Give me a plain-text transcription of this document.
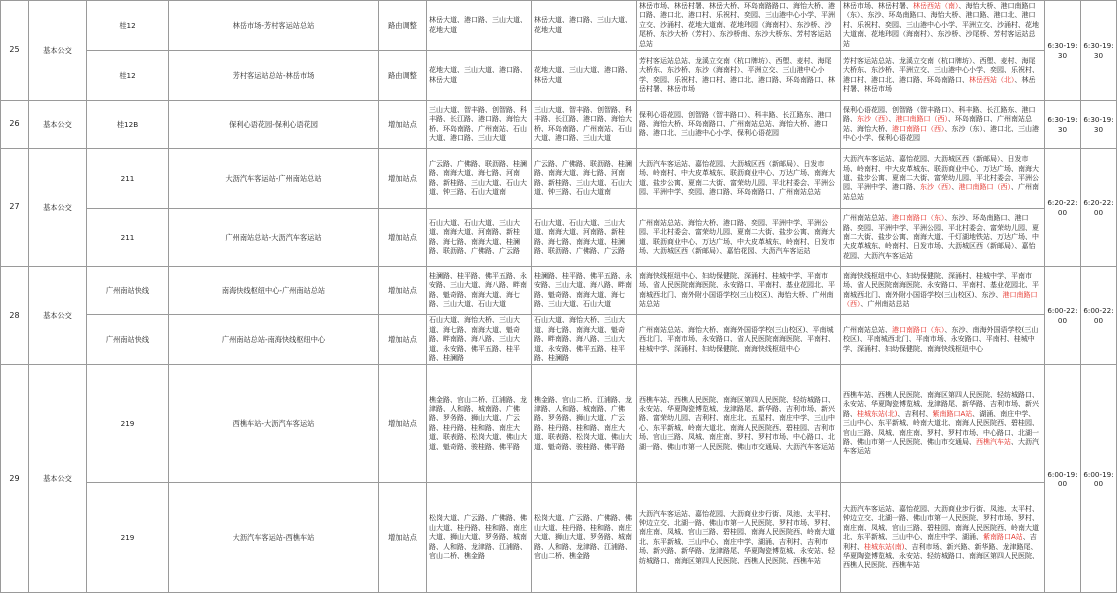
25	基本公交	桂12	林岳市场-芳村客运站总站	路由调整	林岳大道、港口路、三山大道、花地大道	林岳大道、港口路、三山大道、花地大道	林岳市场、林岳村署、林岳大桥、环岛南路路口、海怡大桥、港口路、港口北、港口村、乐祝村、奕园、三山港中心小学、平洲立交、沙涌村、花地大道南、花地玮园（海南村）、东沙桥、沙尾桥、东沙大桥（芳村）、东沙桥南、东沙大桥东、芳村客运站总站	林岳市场、林岳村署、林岳西站（南）、海怡大桥、港口南路口（东）、东沙、环岛南路口、海怡大桥、港口路、港口北、港口村、乐祝村、奕园、三山港中心小学、平洲立交、沙涌村、花地大道南、花地玮园（海南村）、东沙桥、沙尾桥、芳村客运站总站	6:30-19:30	6:30-19:30
		桂12	芳村客运站总站-林岳市场	路由调整	花地大道、三山大道、港口路、林岳大道	花地大道、三山大道、港口路、林岳大道	芳村客运站总站、龙溪立交南（杭口牌坊）、西塱、麦村、海尾大桥东、东沙桥、东沙（海南村）、平洲立交、三山港中心小学、奕园、乐祝村、港口村、港口北、港口路、环岛南路口、林岳村署、林岳市场	芳村客运站总站、龙溪立交南（杭口牌坊）、西塱、麦村、海尾大桥东、东沙桥、平洲立交、三山港中心小学、奕园、乐祝村、港口村、港口北、港口路、环岛南路口、林岳西站（北）、林岳村署、林岳市场		
26	基本公交	桂12B	保利心语花园-保利心语花园	增加站点	三山大道、智丰路、创智路、科丰路、长江路、港口路、海怡大桥、环岛南路、广州南站、石山大道、港口路、三山大道	三山大道、智丰路、创智路、科丰路、长江路、港口路、海怡大桥、环岛南路、广州南站、石山大道、港口路、三山大道	保利心语花园、创智路（智丰路口）、科丰路、长江路东、港口路、海怡大桥、环岛南路口、广州南站总站、海怡大桥、港口路、港口北、三山港中心小学、保利心语花园	保利心语花园、创智路（智丰路口）、科丰路、长江路东、港口路、东沙（西）、港口南路口（西）、环岛南路口、广州南站总站、海怡大桥、港口南路口（西）、东沙（东）、港口北、三山港中心小学、保利心语花园	6:30-19:30	6:30-19:30
27	基本公交	211	大沥汽车客运站-广州南站总站	增加站点	广云路、广佛路、联沥路、桂澜路、南海大道、海七路、河南路、新桂路、三山大道、石山大道、钟三路、石山大道南	广云路、广佛路、联沥路、桂澜路、南海大道、海七路、河南路、新桂路、三山大道、石山大道、钟三路、石山大道南	大沥汽车客运站、嘉怡花园、大沥城区西（新邮局）、日发市场、岭南村、中大皮革城东、联沥商业中心、万达广场、南海大道、盐步公寓、夏南二大街、富荣幼儿园、平北村委会、平洲公园、平洲中学、奕园、港口路、环岛南路口、广州南站总站	大沥汽车客运站、嘉怡花园、大沥城区西（新邮局）、日发市场、岭南村、中大皮革城东、联沥商业中心、万达广场、南海大道、盐步公寓、夏南二大街、富荣幼儿园、平北村委会、平洲公园、平洲中学、港口路、东沙（西）、港口南路口（西）、广州南站总站	6:20-22:00	6:20-22:00
		211	广州南站总站-大沥汽车客运站	增加站点	石山大道、石山大道、三山大道、南海大道、河南路、新桂路、海七路、南海大道、桂澜路、联沥路、广佛路、广云路	石山大道、石山大道、三山大道、南海大道、河南路、新桂路、海七路、南海大道、桂澜路、联沥路、广佛路、广云路	广州南站总站、海怡大桥、港口路、奕园、平洲中学、平洲公园、平北村委会、富荣幼儿园、夏南二大街、盐步公寓、南海大道、联沥商业中心、万达广场、中大皮革城东、岭南村、日发市场、大沥城区西（新邮局）、嘉怡花园、大沥汽车客运站	广州南站总站、港口南路口（东）、东沙、环岛南路口、港口路、奕园、平洲中学、平洲公园、平北村委会、富荣幼儿园、夏南二大街、盐步公寓、南海大道、千灯湖地铁站、万达广场、中大皮革城东、岭南村、日发市场、大沥城区西（新邮局）、嘉怡花园、大沥汽车客运站		
28	基本公交	广州南站快线	南海快线枢纽中心-广州南站总站	增加站点	桂澜路、桂平路、佛平五路、永安路、三山大道、海八路、畔南路、魁奇路、南海大道、海七路、三山大道、石山大道	桂澜路、桂平路、佛平五路、永安路、三山大道、海八路、畔南路、魁奇路、南海大道、海七路、三山大道、石山大道	南海快线枢纽中心、妇幼保健院、深涌村、桂城中学、平南市场、省人民医院南海医院、永安路口、平南村、基业花园北、平南城西北门、南外附小国语学校(三山校区)、海怡大桥、广州南站总站	南海快线枢纽中心、妇幼保健院、深涌村、桂城中学、平南市场、省人民医院南海医院、永安路口、平南村、基业花园北、平南城西北门、南外附小国语学校(三山校区)、东沙、港口南路口（西）、广州南站总站	6:00-22:00	6:00-22:00
		广州南站快线	广州南站总站-南海快线枢纽中心	增加站点	石山大道、海怡大桥、三山大道、海七路、南海大道、魁奇路、畔南路、海八路、三山大道、永安路、佛平五路、桂平路、桂澜路	石山大道、海怡大桥、三山大道、海七路、南海大道、魁奇路、畔南路、海八路、三山大道、永安路、佛平五路、桂平路、桂澜路	广州南站总站、海怡大桥、南海外国语学校(三山校区)、平南城西北门、平南市场、永安路口、省人民医院南海医院、平南村、桂城中学、深涌村、妇幼保健院、南海快线枢纽中心	广州南站总站、港口南路口（东）、东沙、南海外国语学校(三山校区)、平南城西北门、平南市场、永安路口、平南村、桂城中学、深涌村、妇幼保健院、南海快线枢纽中心		
29	基本公交	219	西樵车站-大沥汽车客运站	增加站点	樵金路、官山二桥、江浦路、龙津路、人和路、城南路、广佛路、罗务路、狮山大道、广云路、桂丹路、桂和路、南庄大道、联表路、松岗大道、佛山大道、魁奇路、骏桂路、佛平路	樵金路、官山二桥、江浦路、龙津路、人和路、城南路、广佛路、罗务路、狮山大道、广云路、桂丹路、桂和路、南庄大道、联表路、松岗大道、佛山大道、魁奇路、骏桂路、佛平路	西樵车站、西樵人民医院、南海区第四人民医院、轻纺城路口、永安站、华夏陶瓷博览城、龙津路尾、新华路、吉利市场、新兴路、富荣幼儿园、吉利村、南庄北、五星村、南庄中学、三山中心、东平新城、岭南大道北、南海人民医院西、碧桂园、吉利市场、官山三路、凤城、南庄南、罗村、罗村市场、中心路口、北湖一路、佛山市第一人民医院、佛山市交通局、大沥汽车客运站	西樵车站、西樵人民医院、南海区第四人民医院、轻纺城路口、永安站、华夏陶瓷博览城、龙津路尾、新华路、吉利市场、新兴路、桂城东站(北)、吉利村、紫南路口A站、湖涌、南庄中学、三山中心、东平新城、岭南大道北、南海人民医院西、碧桂园、官山三路、凤城、南庄南、罗村、罗村市场、中心路口、北湖一路、佛山市第一人民医院、佛山市交通局、西樵汽车站、大沥汽车客运站	6:00-19:00	6:00-19:00
		219	大沥汽车客运站-西樵车站	增加站点	松岗大道、广云路、广佛路、佛山大道、桂丹路、桂和路、南庄大道、狮山大道、罗务路、城南路、人和路、龙津路、江浦路、官山二桥、樵金路	松岗大道、广云路、广佛路、佛山大道、桂丹路、桂和路、南庄大道、狮山大道、罗务路、城南路、人和路、龙津路、江浦路、官山二桥、樵金路	大沥汽车客运站、嘉怡花园、大沥商业步行街、凤池、太平村、钟边立交、北湖一路、佛山市第一人民医院、罗村市场、罗村、南庄南、凤城、官山三路、碧桂园、南海人民医院西、岭南大道北、东平新城、三山中心、南庄中学、湖涌、吉利村、吉利市场、新兴路、新华路、龙津路尾、华夏陶瓷博览城、永安站、轻纺城路口、南海区第四人民医院、西樵人民医院、西樵车站	大沥汽车客运站、嘉怡花园、大沥商业步行街、凤池、太平村、钟边立交、北湖一路、佛山市第一人民医院、罗村市场、罗村、南庄南、凤城、官山三路、碧桂园、南海人民医院西、岭南大道北、东平新城、三山中心、南庄中学、湖涌、紫南路口A站、吉利村、桂城东站(南)、吉利市场、新兴路、新华路、龙津路尾、华夏陶瓷博览城、永安站、轻纺城路口、南海区第四人民医院、西樵人民医院、西樵车站		
